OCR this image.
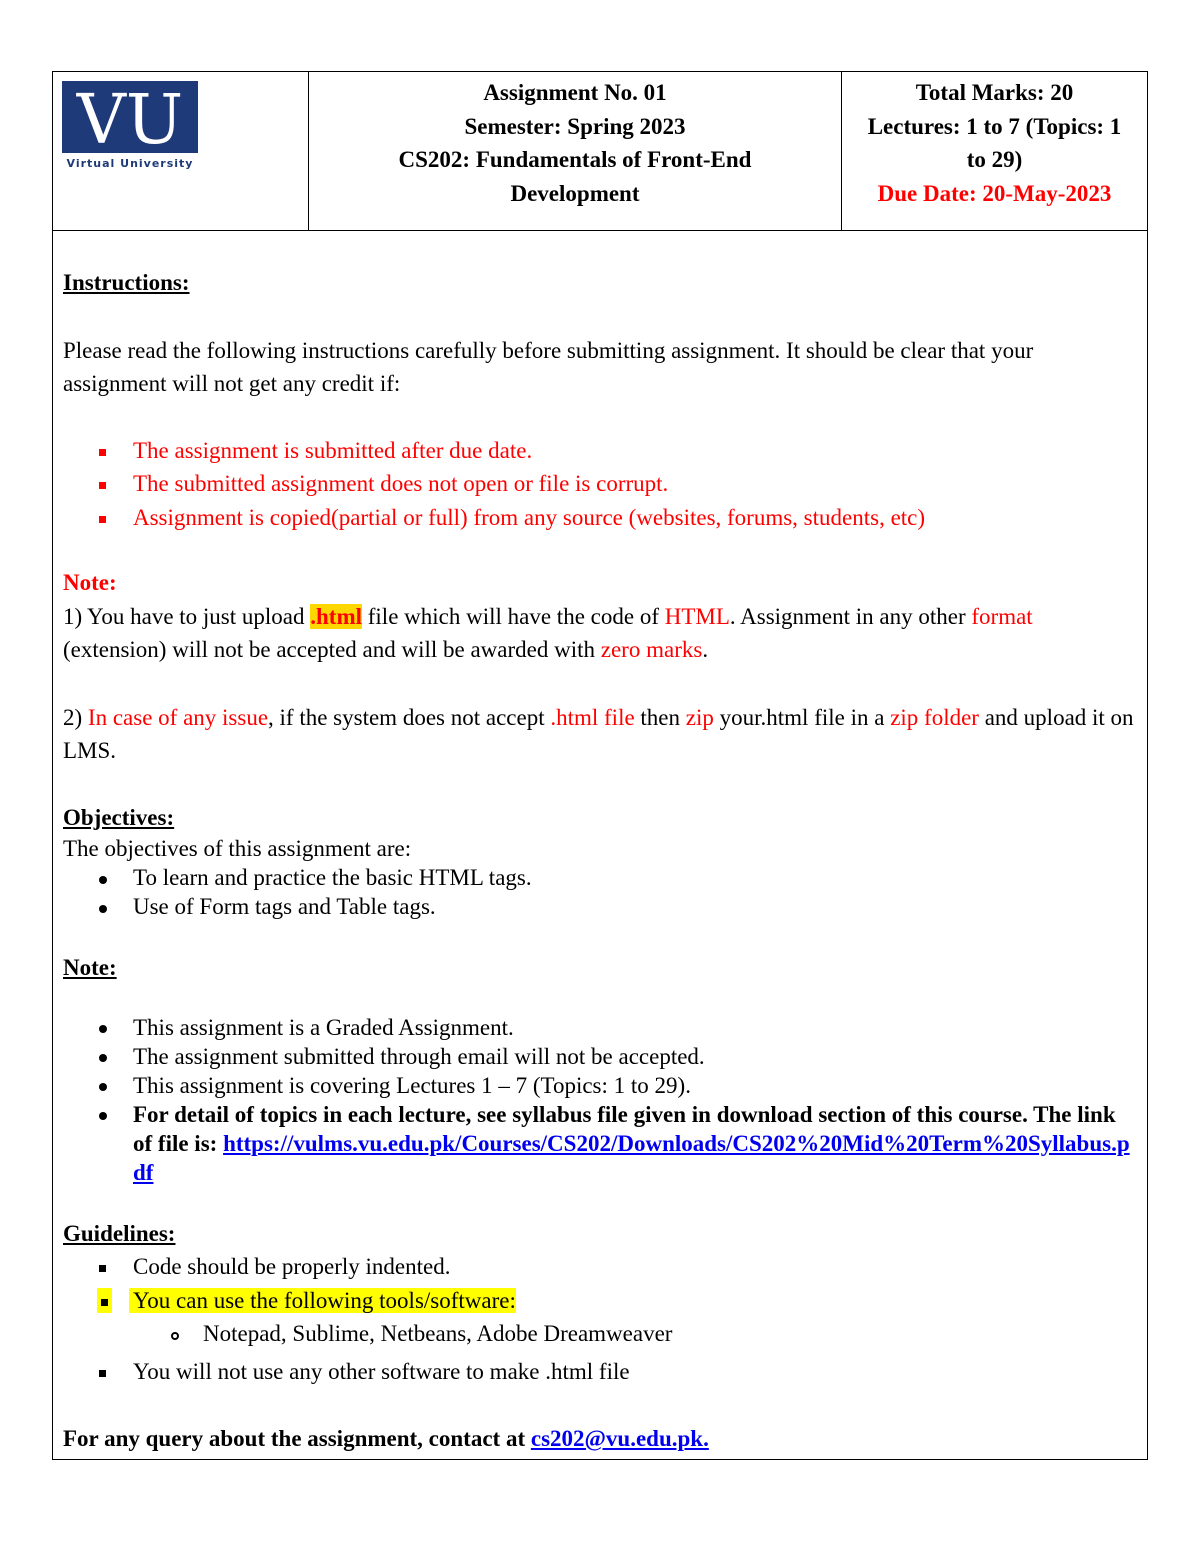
VU
Virtual University
Assignment No. 01
Semester: Spring 2023
CS202: Fundamentals of Front-End
Development
Total Marks: 20
Lectures: 1 to 7 (Topics: 1
to 29)
Due Date: 20-May-2023

Instructions:

Please read the following instructions carefully before submitting assignment. It should be clear that your assignment will not get any credit if:

The assignment is submitted after due date.
The submitted assignment does not open or file is corrupt.
Assignment is copied(partial or full) from any source (websites, forums, students, etc)

Note:

1) You have to just upload .html file which will have the code of HTML. Assignment in any other format (extension) will not be accepted and will be awarded with zero marks.

2) In case of any issue, if the system does not accept .html file then zip your.html file in a zip folder and upload it on LMS.

Objectives:

The objectives of this assignment are:

To learn and practice the basic HTML tags.
Use of Form tags and Table tags.

Note:

This assignment is a Graded Assignment.
The assignment submitted through email will not be accepted.
This assignment is covering Lectures 1 – 7 (Topics: 1 to 29).
For detail of topics in each lecture, see syllabus file given in download section of this course. The link of file is: https://vulms.vu.edu.pk/Courses/CS202/Downloads/CS202%20Mid%20Term%20Syllabus.pdf

Guidelines:

Code should be properly indented.
You can use the following tools/software:
Notepad, Sublime, Netbeans, Adobe Dreamweaver
You will not use any other software to make .html file

For any query about the assignment, contact at cs202@vu.edu.pk.
